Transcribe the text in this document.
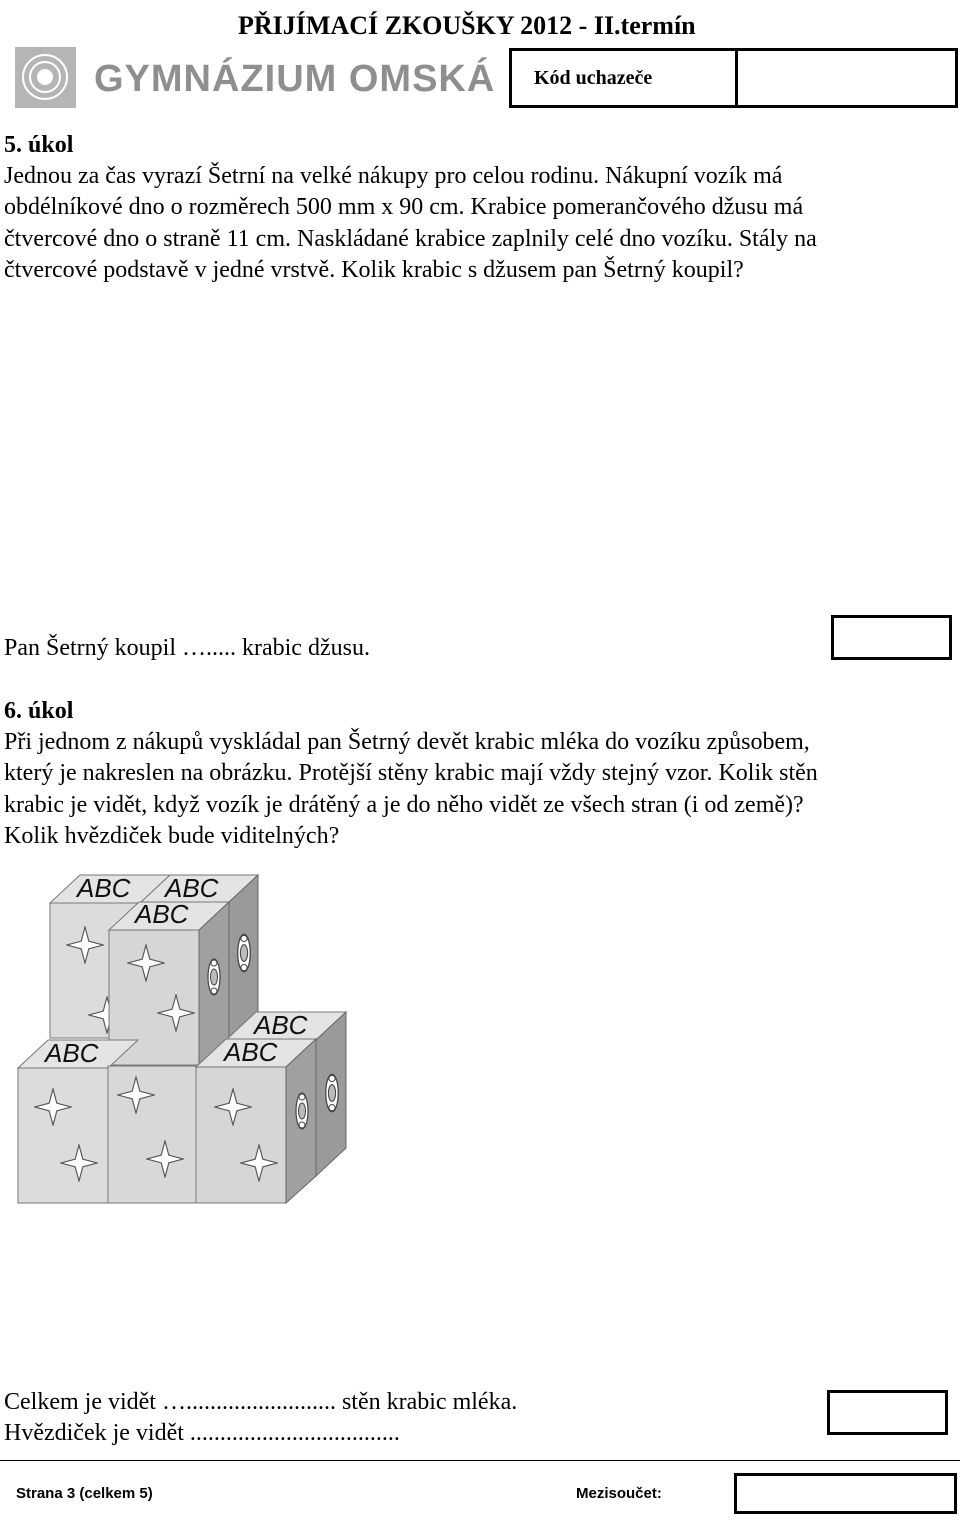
PŘIJÍMACÍ ZKOUŠKY 2012 - II.termín
GYMNÁZIUM OMSKÁ Kód uchazeče
5. úkol
Jednou za čas vyrazí Šetrní na velké nákupy pro celou rodinu. Nákupní vozík má
obdélníkové dno o rozměrech 500 mm x 90 cm. Krabice pomerančového džusu má
čtvercové dno o straně 11 cm. Naskládané krabice zaplnily celé dno vozíku. Stály na
čtvercové podstavě v jedné vrstvě. Kolik krabic s džusem pan Šetrný koupil?
Pan Šetrný koupil …..... krabic džusu.
6. úkol
Při jednom z nákupů vyskládal pan Šetrný devět krabic mléka do vozíku způsobem,
který je nakreslen na obrázku. Protější stěny krabic mají vždy stejný vzor. Kolik stěn
krabic je vidět, když vozík je drátěný a je do něho vidět ze všech stran (i od země)?
Kolik hvězdiček bude viditelných?
ABC ABC
ABC
ABC
ABC	ABC
Celkem je vidět …......................... stěn krabic mléka.
Hvězdiček je vidět ...................................
Strana 3 (celkem 5)	Mezisoučet:
